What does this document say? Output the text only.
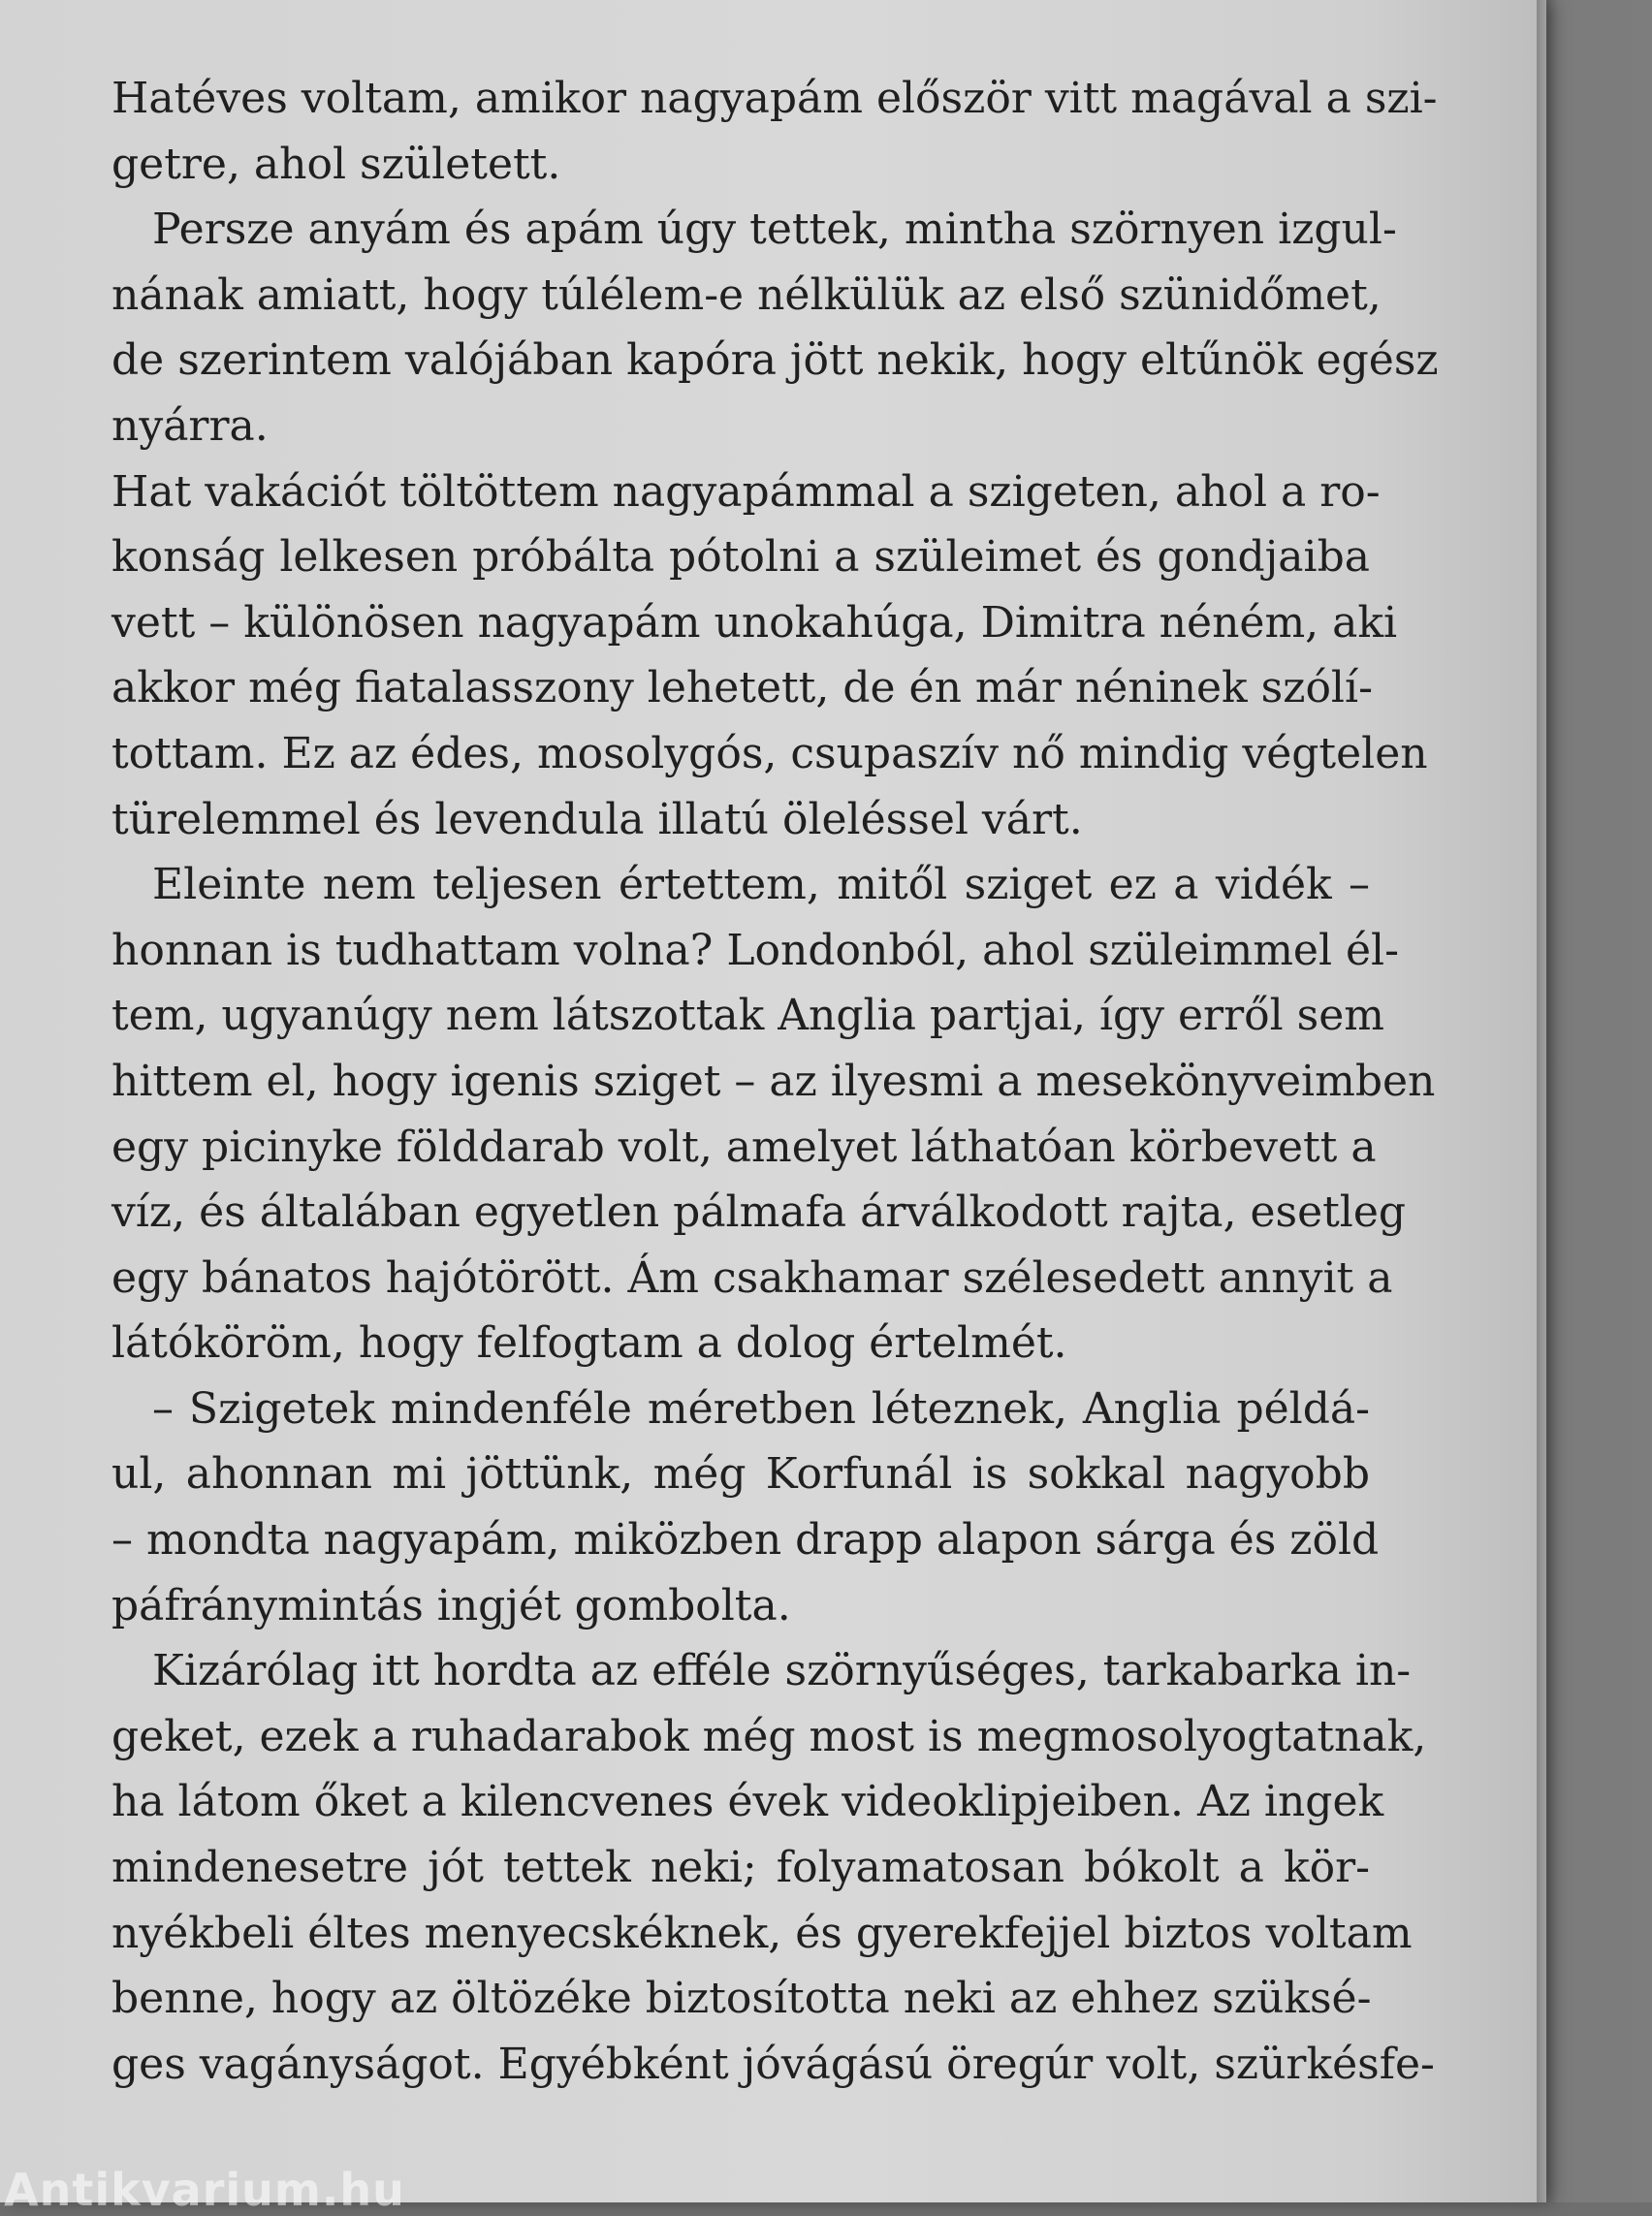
Hatéves voltam, amikor nagyapám először vitt magával a szi-
getre, ahol született.
Persze anyám és apám úgy tettek, mintha szörnyen izgul-
nának amiatt, hogy túlélem-e nélkülük az első szünidőmet,
de szerintem valójában kapóra jött nekik, hogy eltűnök egész
nyárra.
Hat vakációt töltöttem nagyapámmal a szigeten, ahol a ro-
konság lelkesen próbálta pótolni a szüleimet és gondjaiba
vett – különösen nagyapám unokahúga, Dimitra néném, aki
akkor még fiatalasszony lehetett, de én már néninek szólí-
tottam. Ez az édes, mosolygós, csupaszív nő mindig végtelen
türelemmel és levendula illatú öleléssel várt.
Eleinte nem teljesen értettem, mitől sziget ez a vidék –
honnan is tudhattam volna? Londonból, ahol szüleimmel él-
tem, ugyanúgy nem látszottak Anglia partjai, így erről sem
hittem el, hogy igenis sziget – az ilyesmi a mesekönyveimben
egy picinyke földdarab volt, amelyet láthatóan körbevett a
víz, és általában egyetlen pálmafa árválkodott rajta, esetleg
egy bánatos hajótörött. Ám csakhamar szélesedett annyit a
látóköröm, hogy felfogtam a dolog értelmét.
– Szigetek mindenféle méretben léteznek, Anglia példá-
ul, ahonnan mi jöttünk, még Korfunál is sokkal nagyobb
– mondta nagyapám, miközben drapp alapon sárga és zöld
páfránymintás ingjét gombolta.
Kizárólag itt hordta az efféle szörnyűséges, tarkabarka in-
geket, ezek a ruhadarabok még most is megmosolyogtatnak,
ha látom őket a kilencvenes évek videoklipjeiben. Az ingek
mindenesetre jót tettek neki; folyamatosan bókolt a kör-
nyékbeli éltes menyecskéknek, és gyerekfejjel biztos voltam
benne, hogy az öltözéke biztosította neki az ehhez szüksé-
ges vagányságot. Egyébként jóvágású öregúr volt, szürkésfe-
Antikvarium.hu
